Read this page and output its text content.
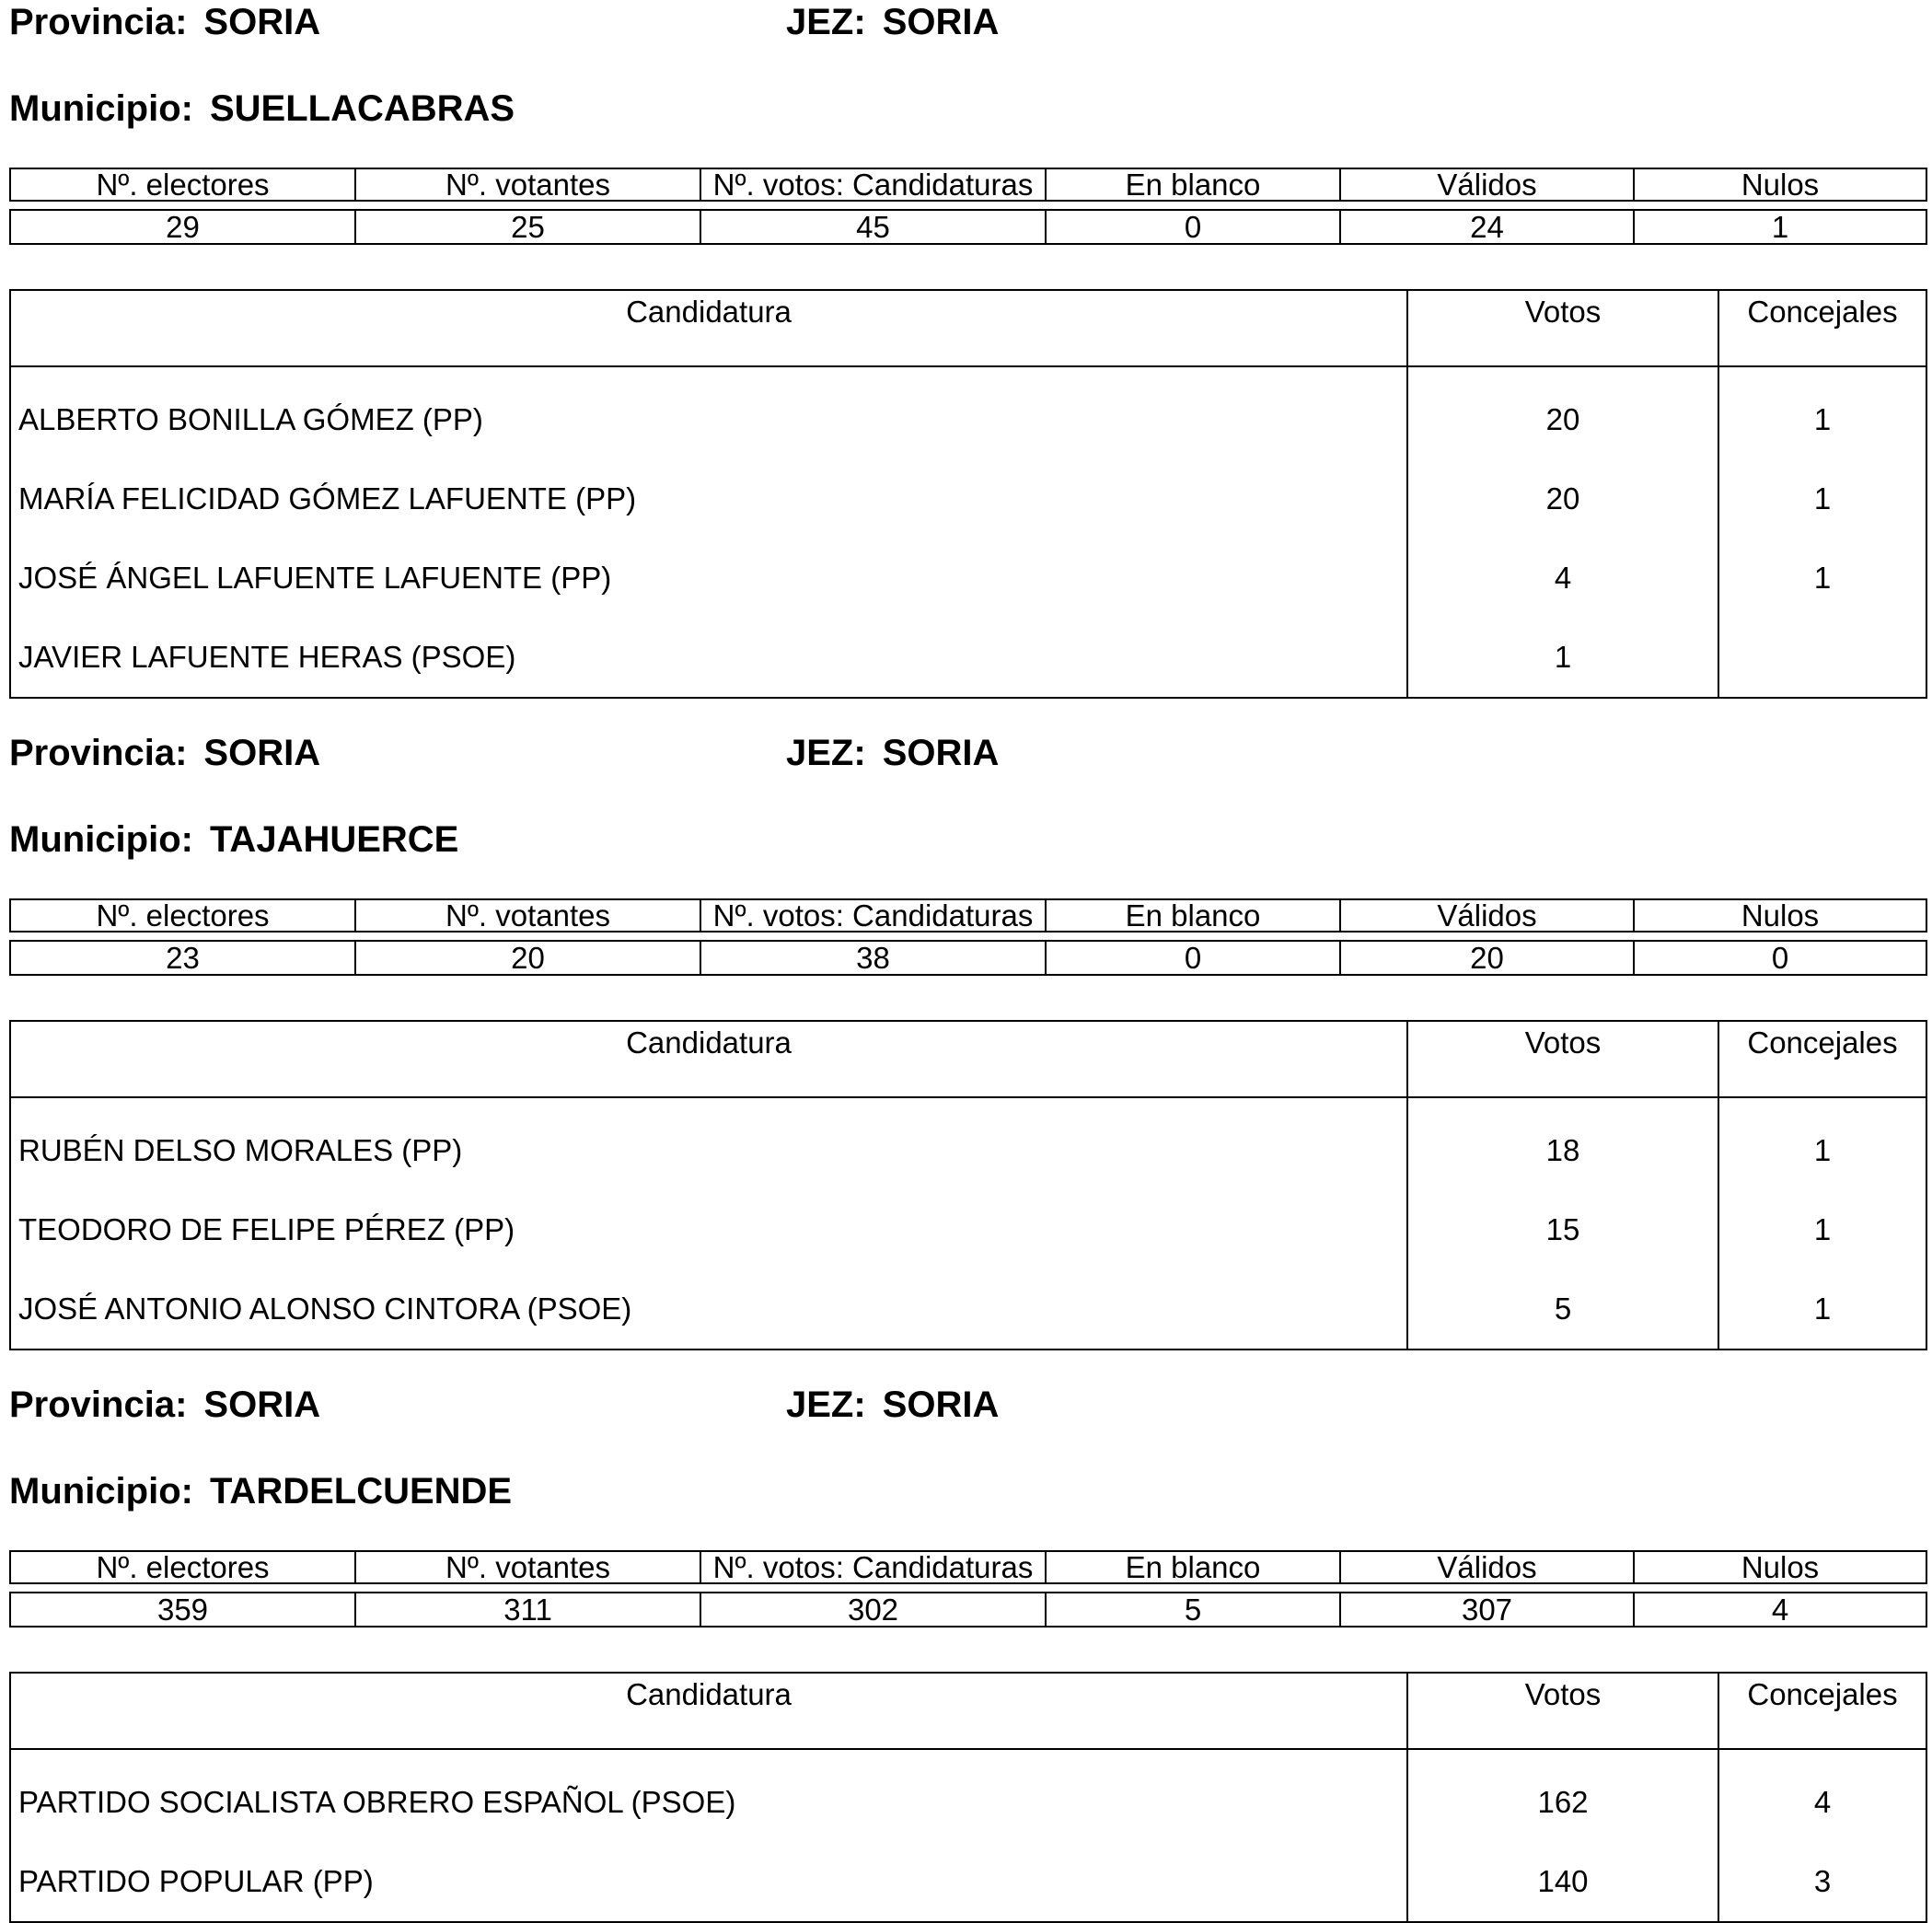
Provincia: SORIA	JEZ: SORIA
Municipio: SUELLACABRAS
Nº. electores	Nº. votantes	Nº. votos: Candidaturas	En blanco	Válidos	Nulos

29	25	45	0	24	1
Candidatura	Votos	Concejales
ALBERTO BONILLA GÓMEZ (PP)	20	1
MARÍA FELICIDAD GÓMEZ LAFUENTE (PP)	20	1
JOSÉ ÁNGEL LAFUENTE LAFUENTE (PP)	4	1
JAVIER LAFUENTE HERAS (PSOE)	1	
Provincia: SORIA	JEZ: SORIA
Municipio: TAJAHUERCE
Nº. electores	Nº. votantes	Nº. votos: Candidaturas	En blanco	Válidos	Nulos

23	20	38	0	20	0
Candidatura	Votos	Concejales
RUBÉN DELSO MORALES (PP)	18	1
TEODORO DE FELIPE PÉREZ (PP)	15	1
JOSÉ ANTONIO ALONSO CINTORA (PSOE)	5	1
Provincia: SORIA	JEZ: SORIA
Municipio: TARDELCUENDE
Nº. electores	Nº. votantes	Nº. votos: Candidaturas	En blanco	Válidos	Nulos

359	311	302	5	307	4
Candidatura	Votos	Concejales
PARTIDO SOCIALISTA OBRERO ESPAÑOL (PSOE)	162	4
PARTIDO POPULAR (PP)	140	3
